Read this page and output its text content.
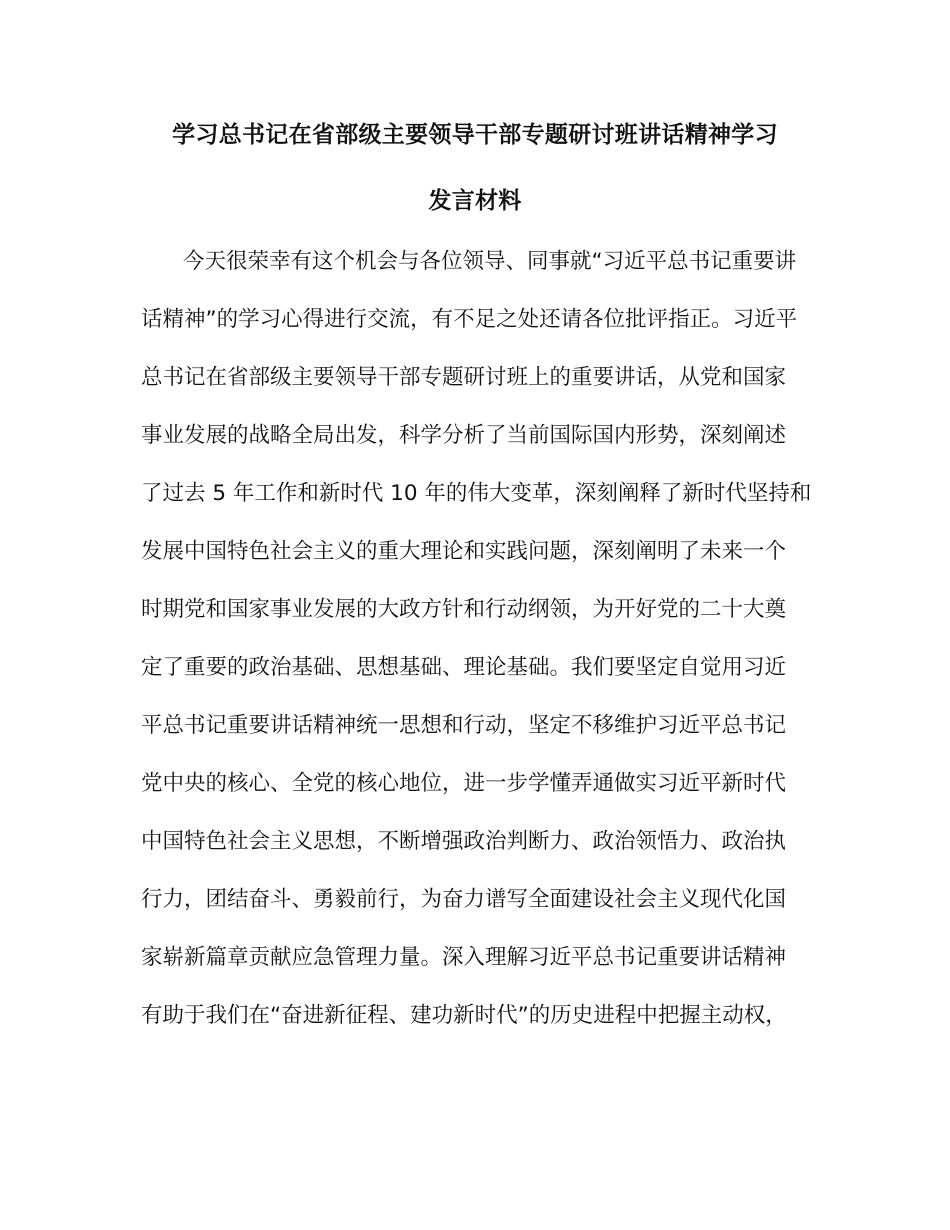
学习总书记在省部级主要领导干部专题研讨班讲话精神学习
发言材料
今天很荣幸有这个机会与各位领导、同事就“习近平总书记重要讲
话精神”的学习心得进行交流，有不足之处还请各位批评指正。习近平
总书记在省部级主要领导干部专题研讨班上的重要讲话，从党和国家
事业发展的战略全局出发，科学分析了当前国际国内形势，深刻阐述
了过去 5 年工作和新时代 10 年的伟大变革，深刻阐释了新时代坚持和
发展中国特色社会主义的重大理论和实践问题，深刻阐明了未来一个
时期党和国家事业发展的大政方针和行动纲领，为开好党的二十大奠
定了重要的政治基础、思想基础、理论基础。我们要坚定自觉用习近
平总书记重要讲话精神统一思想和行动，坚定不移维护习近平总书记
党中央的核心、全党的核心地位，进一步学懂弄通做实习近平新时代
中国特色社会主义思想，不断增强政治判断力、政治领悟力、政治执
行力，团结奋斗、勇毅前行，为奋力谱写全面建设社会主义现代化国
家崭新篇章贡献应急管理力量。深入理解习近平总书记重要讲话精神
有助于我们在“奋进新征程、建功新时代”的历史进程中把握主动权，
